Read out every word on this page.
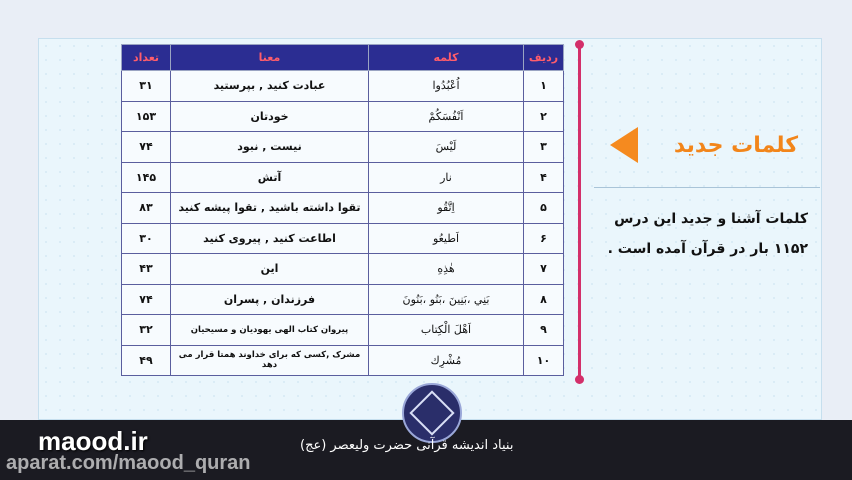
ردیف	کلمه	معنا	تعداد
۱	اُعْبُدُوا	عبادت کنید , بپرستید	۳۱
۲	اَنْفُسَكُمْ	خودتان	۱۵۳
۳	لَيْسَ	نیست , نبود	۷۴
۴	نار	آتش	۱۴۵
۵	اِتَّقُو	تقوا داشته باشید , تقوا پیشه کنید	۸۳
۶	اَطيعُو	اطاعت کنید , پیروی کنید	۳۰
۷	هٰذِهِ	این	۴۳
۸	بَنِي ،بَنِينَ ،بَنُو ،بَنُونَ	فرزندان , پسران	۷۴
۹	اَهْلَ الْكِتاب	پیروان کتاب الهی یهودیان و مسیحیان	۳۲
۱۰	مُشْرِك	مشرک ,کسی که برای خداوند همتا قرار می دهد	۴۹
کلمات جدید
کلمات آشنا و جدید این درس ۱۱۵۲ بار در قرآن آمده است .
بنیاد اندیشه قرآنی حضرت ولیعصر (عج)
maood.ir
aparat.com/maood_quran
